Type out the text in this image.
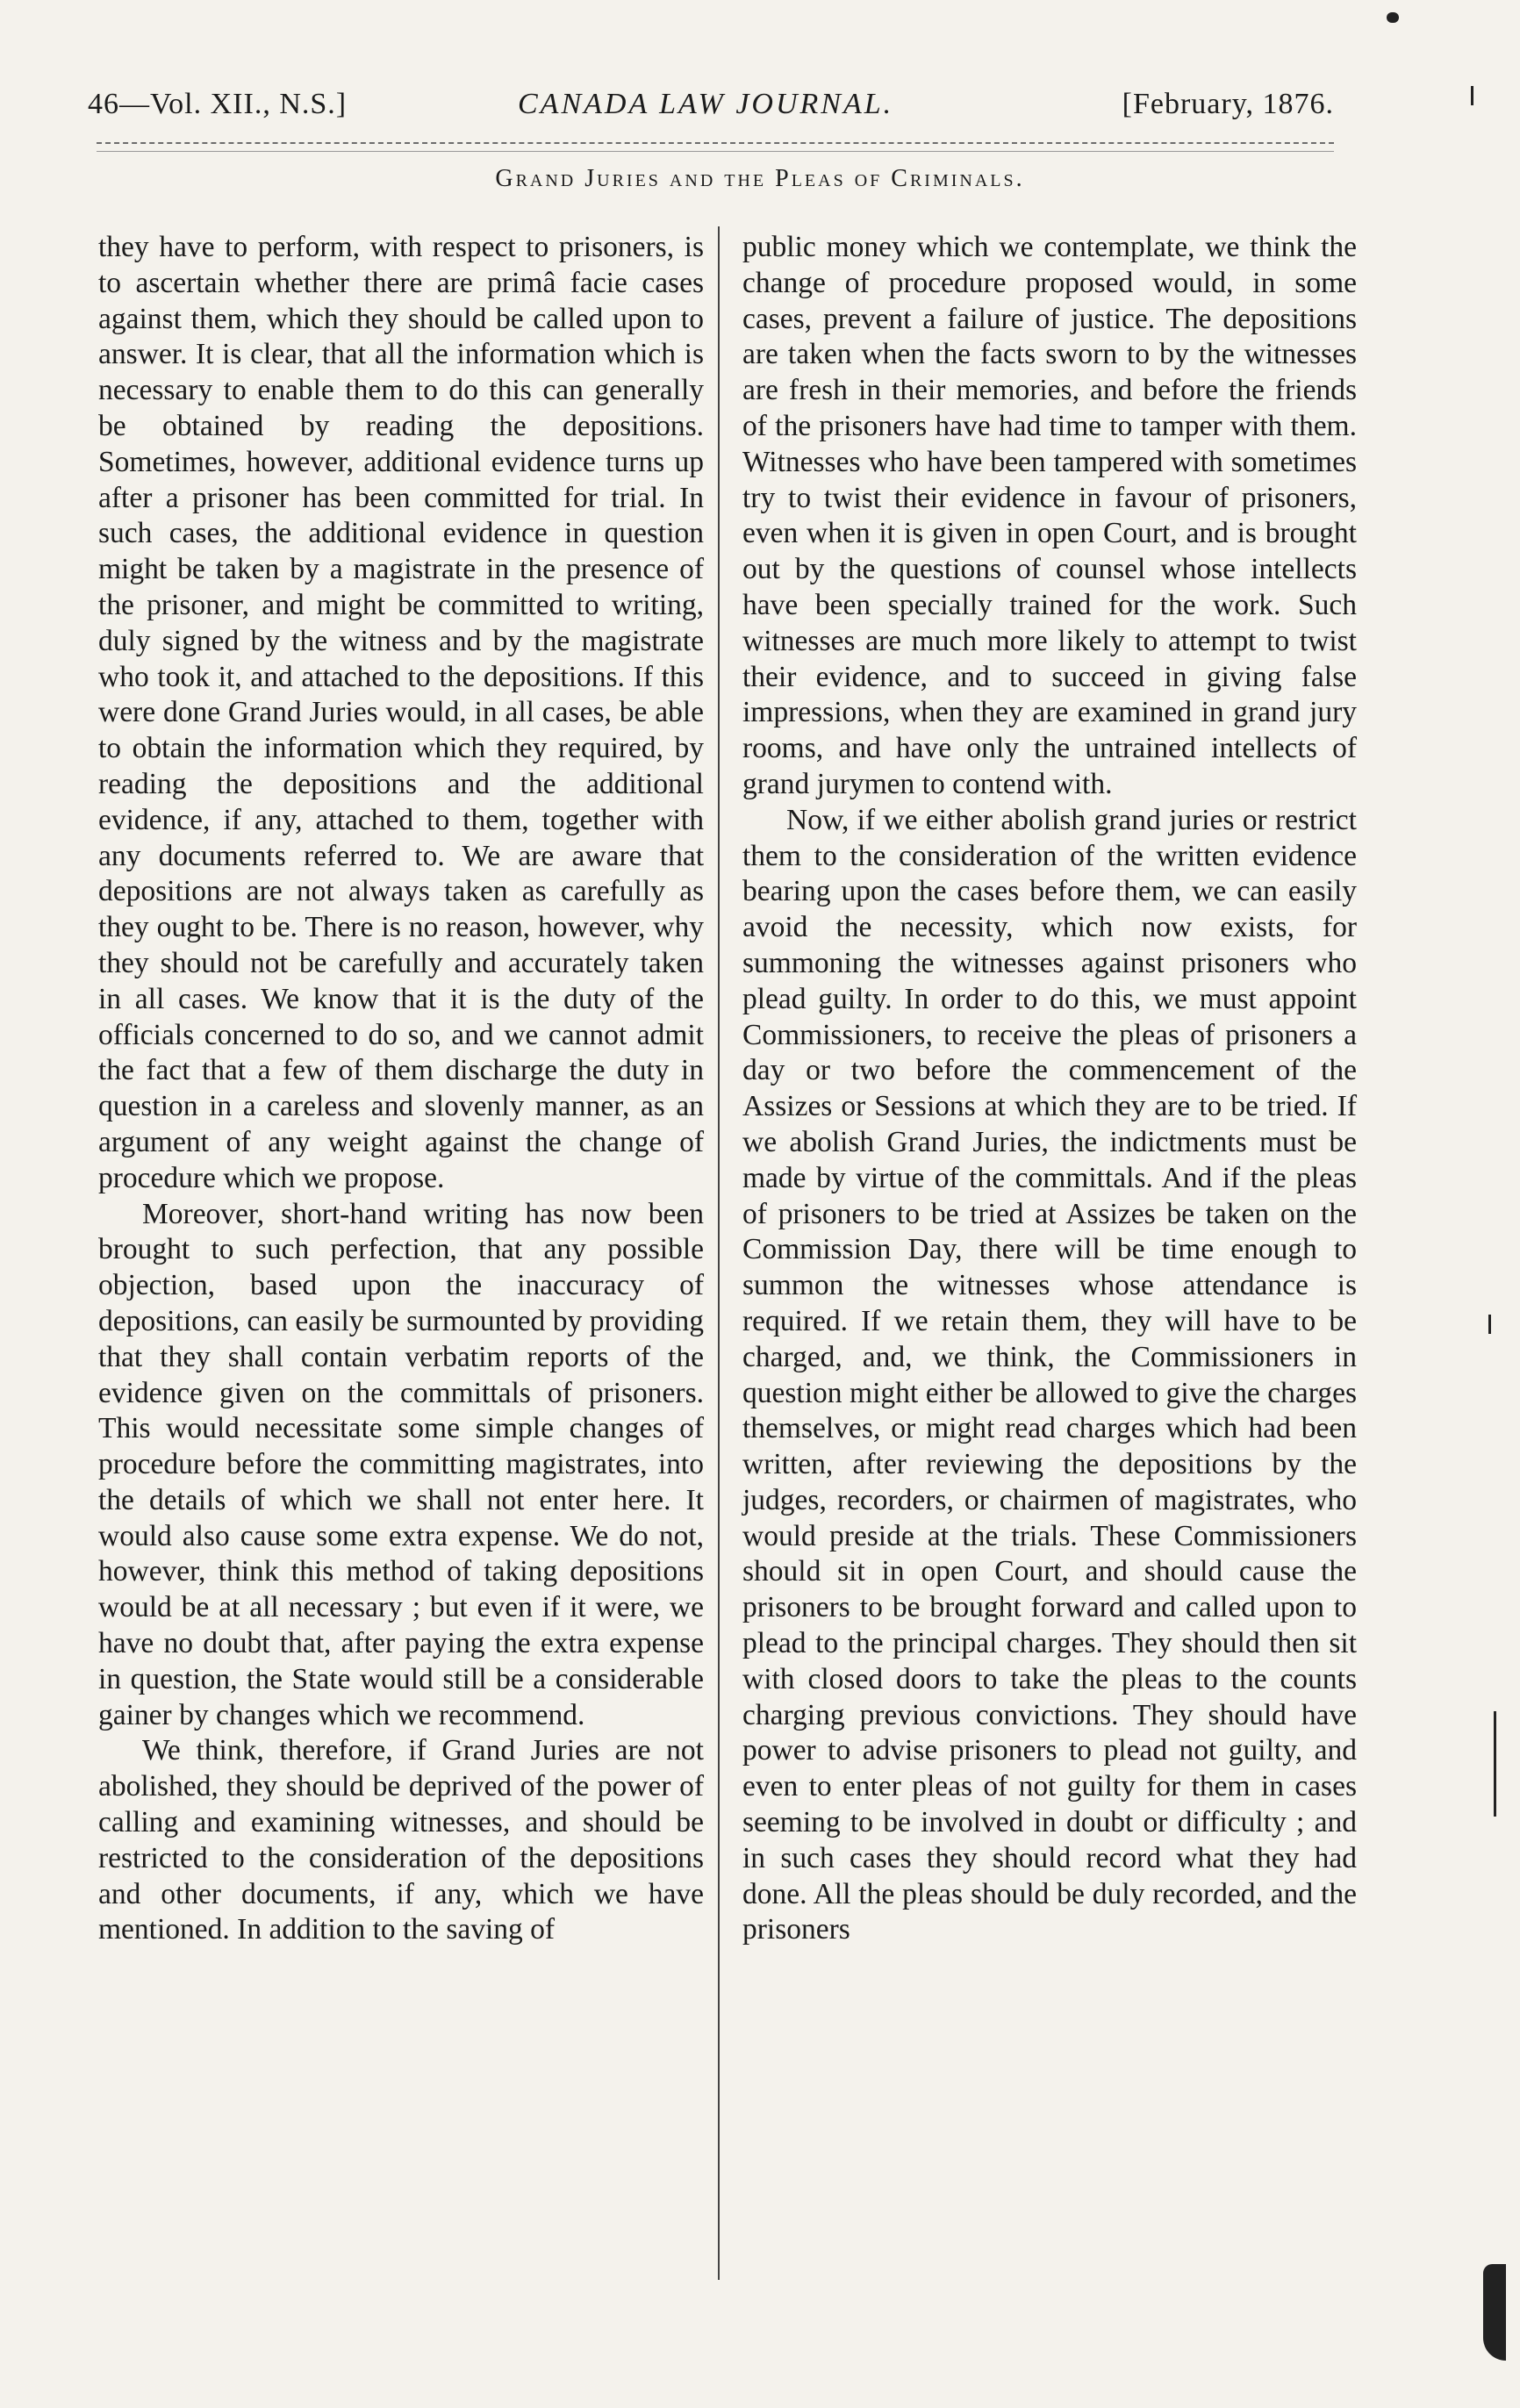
46—Vol. XII., N.S.]	CANADA LAW JOURNAL.	[February, 1876.
Grand Juries and the Pleas of Criminals.

they have to perform, with respect to prisoners, is to ascertain whether there are primâ facie cases against them, which they should be called upon to answer. It is clear, that all the information which is necessary to enable them to do this can generally be obtained by reading the depositions. Sometimes, however, additional evidence turns up after a prisoner has been committed for trial. In such cases, the additional evidence in question might be taken by a magistrate in the presence of the prisoner, and might be committed to writing, duly signed by the witness and by the magistrate who took it, and attached to the depositions. If this were done Grand Juries would, in all cases, be able to obtain the information which they required, by reading the depositions and the additional evidence, if any, attached to them, together with any documents referred to. We are aware that depositions are not always taken as carefully as they ought to be. There is no reason, however, why they should not be carefully and accurately taken in all cases. We know that it is the duty of the officials concerned to do so, and we cannot admit the fact that a few of them discharge the duty in question in a careless and slovenly manner, as an argument of any weight against the change of procedure which we propose.

Moreover, short-hand writing has now been brought to such perfection, that any possible objection, based upon the inaccuracy of depositions, can easily be surmounted by providing that they shall contain verbatim reports of the evidence given on the committals of prisoners. This would necessitate some simple changes of procedure before the committing magistrates, into the details of which we shall not enter here. It would also cause some extra expense. We do not, however, think this method of taking depositions would be at all necessary ; but even if it were, we have no doubt that, after paying the extra expense in question, the State would still be a considerable gainer by changes which we recommend.

We think, therefore, if Grand Juries are not abolished, they should be deprived of the power of calling and examining witnesses, and should be restricted to the consideration of the depositions and other documents, if any, which we have mentioned. In addition to the saving of

public money which we contemplate, we think the change of procedure proposed would, in some cases, prevent a failure of justice. The depositions are taken when the facts sworn to by the witnesses are fresh in their memories, and before the friends of the prisoners have had time to tamper with them. Witnesses who have been tampered with sometimes try to twist their evidence in favour of prisoners, even when it is given in open Court, and is brought out by the questions of counsel whose intellects have been specially trained for the work. Such witnesses are much more likely to attempt to twist their evidence, and to succeed in giving false impressions, when they are examined in grand jury rooms, and have only the untrained intellects of grand jurymen to contend with.

Now, if we either abolish grand juries or restrict them to the consideration of the written evidence bearing upon the cases before them, we can easily avoid the necessity, which now exists, for summoning the witnesses against prisoners who plead guilty. In order to do this, we must appoint Commissioners, to receive the pleas of prisoners a day or two before the commencement of the Assizes or Sessions at which they are to be tried. If we abolish Grand Juries, the indictments must be made by virtue of the committals. And if the pleas of prisoners to be tried at Assizes be taken on the Commission Day, there will be time enough to summon the witnesses whose attendance is required. If we retain them, they will have to be charged, and, we think, the Commissioners in question might either be allowed to give the charges themselves, or might read charges which had been written, after reviewing the depositions by the judges, recorders, or chairmen of magistrates, who would preside at the trials. These Commissioners should sit in open Court, and should cause the prisoners to be brought forward and called upon to plead to the principal charges. They should then sit with closed doors to take the pleas to the counts charging previous convictions. They should have power to advise prisoners to plead not guilty, and even to enter pleas of not guilty for them in cases seeming to be involved in doubt or difficulty ; and in such cases they should record what they had done. All the pleas should be duly recorded, and the prisoners
